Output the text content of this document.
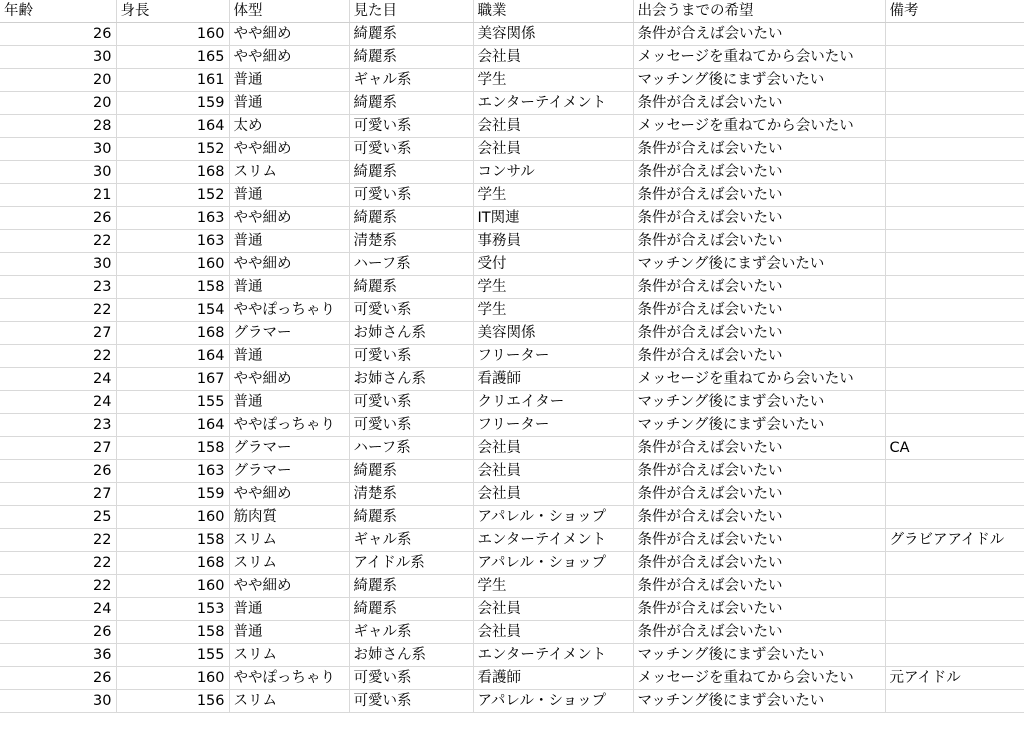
年齢	身長	体型	見た目	職業	出会うまでの希望	備考
26	160	やや細め	綺麗系	美容関係	条件が合えば会いたい	
30	165	やや細め	綺麗系	会社員	メッセージを重ねてから会いたい	
20	161	普通	ギャル系	学生	マッチング後にまず会いたい	
20	159	普通	綺麗系	エンターテイメント	条件が合えば会いたい	
28	164	太め	可愛い系	会社員	メッセージを重ねてから会いたい	
30	152	やや細め	可愛い系	会社員	条件が合えば会いたい	
30	168	スリム	綺麗系	コンサル	条件が合えば会いたい	
21	152	普通	可愛い系	学生	条件が合えば会いたい	
26	163	やや細め	綺麗系	IT関連	条件が合えば会いたい	
22	163	普通	清楚系	事務員	条件が合えば会いたい	
30	160	やや細め	ハーフ系	受付	マッチング後にまず会いたい	
23	158	普通	綺麗系	学生	条件が合えば会いたい	
22	154	ややぽっちゃり	可愛い系	学生	条件が合えば会いたい	
27	168	グラマー	お姉さん系	美容関係	条件が合えば会いたい	
22	164	普通	可愛い系	フリーター	条件が合えば会いたい	
24	167	やや細め	お姉さん系	看護師	メッセージを重ねてから会いたい	
24	155	普通	可愛い系	クリエイター	マッチング後にまず会いたい	
23	164	ややぽっちゃり	可愛い系	フリーター	マッチング後にまず会いたい	
27	158	グラマー	ハーフ系	会社員	条件が合えば会いたい	CA
26	163	グラマー	綺麗系	会社員	条件が合えば会いたい	
27	159	やや細め	清楚系	会社員	条件が合えば会いたい	
25	160	筋肉質	綺麗系	アパレル・ショップ	条件が合えば会いたい	
22	158	スリム	ギャル系	エンターテイメント	条件が合えば会いたい	グラビアアイドル
22	168	スリム	アイドル系	アパレル・ショップ	条件が合えば会いたい	
22	160	やや細め	綺麗系	学生	条件が合えば会いたい	
24	153	普通	綺麗系	会社員	条件が合えば会いたい	
26	158	普通	ギャル系	会社員	条件が合えば会いたい	
36	155	スリム	お姉さん系	エンターテイメント	マッチング後にまず会いたい	
26	160	ややぽっちゃり	可愛い系	看護師	メッセージを重ねてから会いたい	元アイドル
30	156	スリム	可愛い系	アパレル・ショップ	マッチング後にまず会いたい	
